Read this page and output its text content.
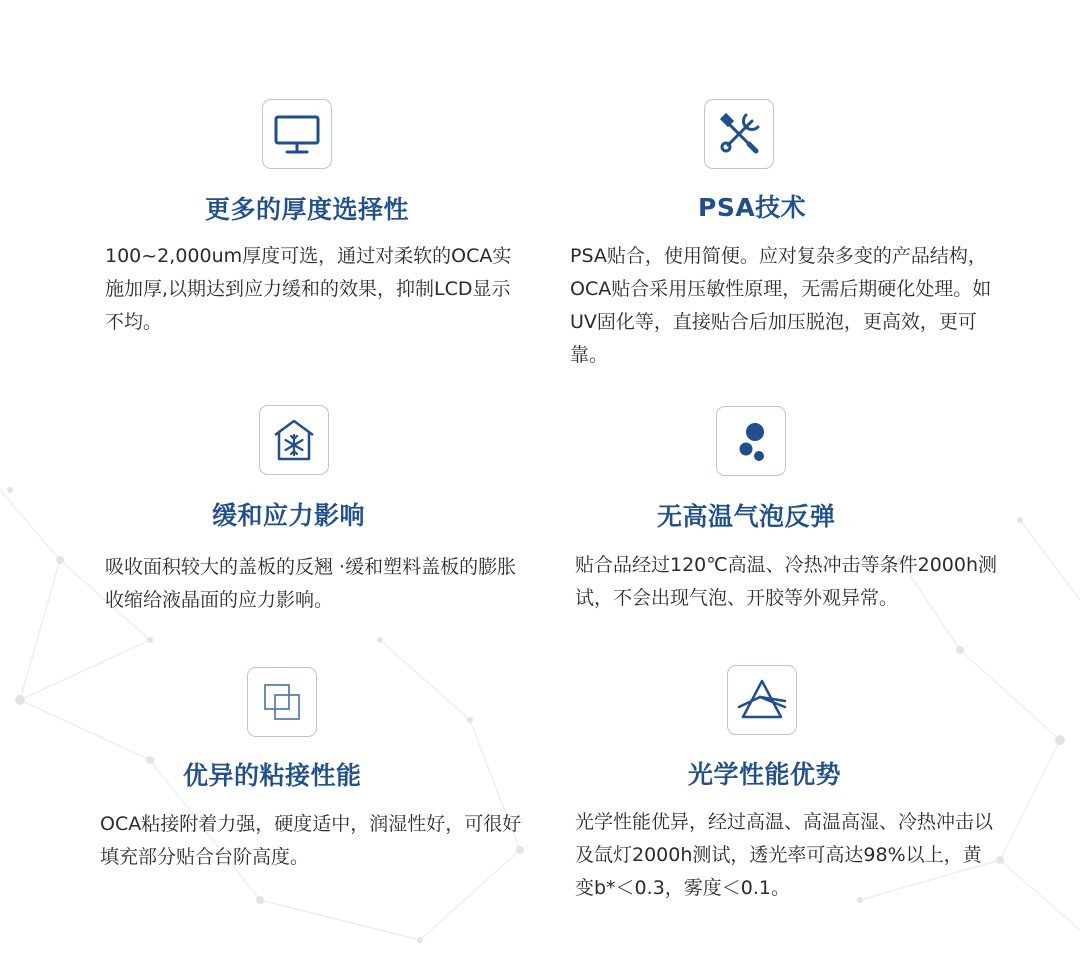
更多的厚度选择性

100~2,000um厚度可选，通过对柔软的OCA实施加厚,以期达到应力缓和的效果，抑制LCD显示不均。

PSA技术

PSA贴合，使用简便。应对复杂多变的产品结构，OCA贴合采用压敏性原理，无需后期硬化处理。如UV固化等，直接贴合后加压脱泡，更高效，更可靠。

缓和应力影响

吸收面积较大的盖板的反翘 ·缓和塑料盖板的膨胀收缩给液晶面的应力影响。

无高温气泡反弹

贴合品经过120℃高温、冷热冲击等条件2000h测试，不会出现气泡、开胶等外观异常。

优异的粘接性能

OCA粘接附着力强，硬度适中，润湿性好，可很好填充部分贴合台阶高度。

光学性能优势

光学性能优异，经过高温、高温高湿、冷热冲击以及氙灯2000h测试，透光率可高达98%以上，黄变b*＜0.3，雾度＜0.1。
